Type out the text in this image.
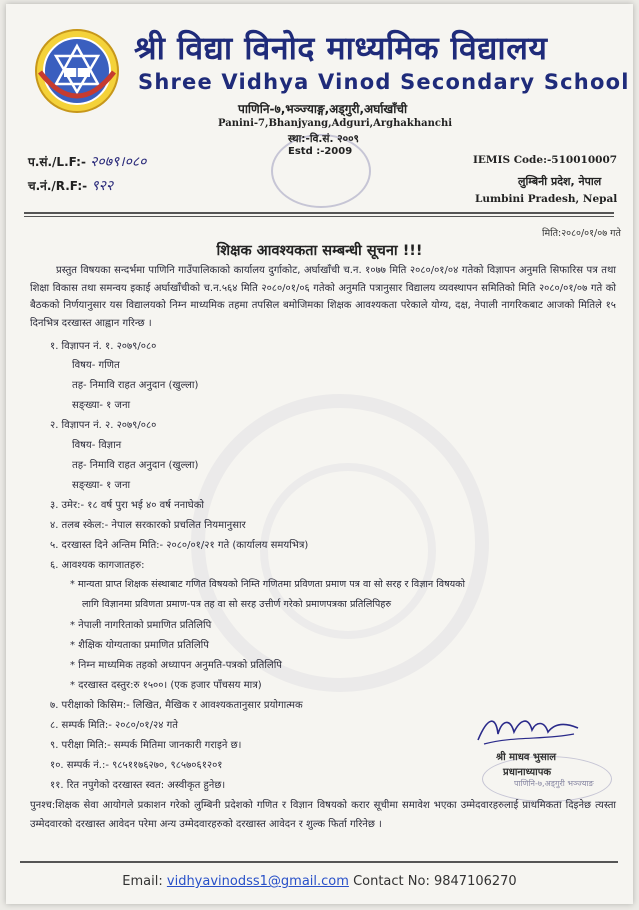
श्री विद्या विनोद माध्यमिक विद्यालय
Shree Vidhya Vinod Secondary School
पाणिनि-७,भञ्ज्याङ्ग,अड्गुरी,अर्घाखाँची
Panini-7,Bhanjyang,Adguri,Arghakhanchi
स्था:-वि.सं. २००९
Estd :-2009
प.सं./L.F:- २०७९।०८०
च.नं./R.F:- ९२२
IEMIS Code:-510010007
लुम्बिनी प्रदेश, नेपाल
Lumbini Pradesh, Nepal
मिति:२०८०/०१/०७ गते
शिक्षक आवश्यकता सम्बन्धी सूचना !!!
प्रस्तुत विषयका सन्दर्भमा पाणिनि गाउँपालिकाको कार्यालय दुर्गाकोट, अर्घाखाँची च.न. १०७७ मिति २०८०/०१/०४ गतेको विज्ञापन अनुमति सिफारिस पत्र तथा शिक्षा विकास तथा समन्वय इकाई अर्घाखाँचीको च.न.५६४ मिति २०८०/०१/०६ गतेको अनुमति पत्रानुसार विद्यालय व्यवस्थापन समितिको मिति २०८०/०१/०७ गते को बैठकको निर्णयानुसार यस विद्यालयको निम्न माध्यमिक तहमा तपसिल बमोजिमका शिक्षक आवश्यकता परेकाले योग्य, दक्ष, नेपाली नागरिकबाट आजको मितिले १५ दिनभित्र दरखास्त आह्वान गरिन्छ ।
१. विज्ञापन नं. १. २०७९/०८०
विषय- गणित
तह- निमावि राहत अनुदान (खुल्ला)
सङ्ख्या- १ जना
२. विज्ञापन नं. २. २०७९/०८०
विषय- विज्ञान
तह- निमावि राहत अनुदान (खुल्ला)
सङ्ख्या- १ जना
३. उमेर:- १८ वर्ष पुरा भई ४० वर्ष ननाघेको
४. तलब स्केल:- नेपाल सरकारको प्रचलित नियमानुसार
५. दरखास्त दिने अन्तिम मिति:- २०८०/०१/२१ गते (कार्यालय समयभित्र)
६. आवश्यक कागजातहरु:
* मान्यता प्राप्त शिक्षक संस्थाबाट गणित विषयको निम्ति गणितमा प्रविणता प्रमाण पत्र वा सो सरह र विज्ञान विषयको
लागि विज्ञानमा प्रविणता प्रमाण-पत्र तह वा सो सरह उत्तीर्ण गरेको प्रमाणपत्रका प्रतिलिपिहरु
* नेपाली नागरिताको प्रमाणित प्रतिलिपि
* शैक्षिक योग्यताका प्रमाणित प्रतिलिपि
* निम्न माध्यमिक तहको अध्यापन अनुमति-पत्रको प्रतिलिपि
* दरखास्त दस्तुर:रु १५००। (एक हजार पाँचसय मात्र)
७. परीक्षाको किसिम:- लिखित, मैखिक र आवश्यकतानुसार प्रयोगात्मक
८. सम्पर्क मिति:- २०८०/०१/२४ गते
९. परीक्षा मिति:- सम्पर्क मितिमा जानकारी गराइने छ।
१०. सम्पर्क नं.:- ९८५११७६२७०, ९८५७०६१२०१
११. रित नपुगेको दरखास्त स्वत: अस्वीकृत हुनेछ।
श्री माधव भुसाल
प्रधानाध्यापक
पाणिनि-७,अड्गुरी भञ्ज्याङ
पुनश्च:शिक्षक सेवा आयोगले प्रकाशन गरेको लुम्बिनी प्रदेशको गणित र विज्ञान विषयको करार सूचीमा समावेश भएका उम्मेदवारहरुलाई प्राथमिकता दिइनेछ त्यस्ता उम्मेदवारको दरखास्त आवेदन परेमा अन्य उम्मेदवारहरुको दरखास्त आवेदन र शुल्क फिर्ता गरिनेछ ।
Email: vidhyavinodss1@gmail.com Contact No: 9847106270
